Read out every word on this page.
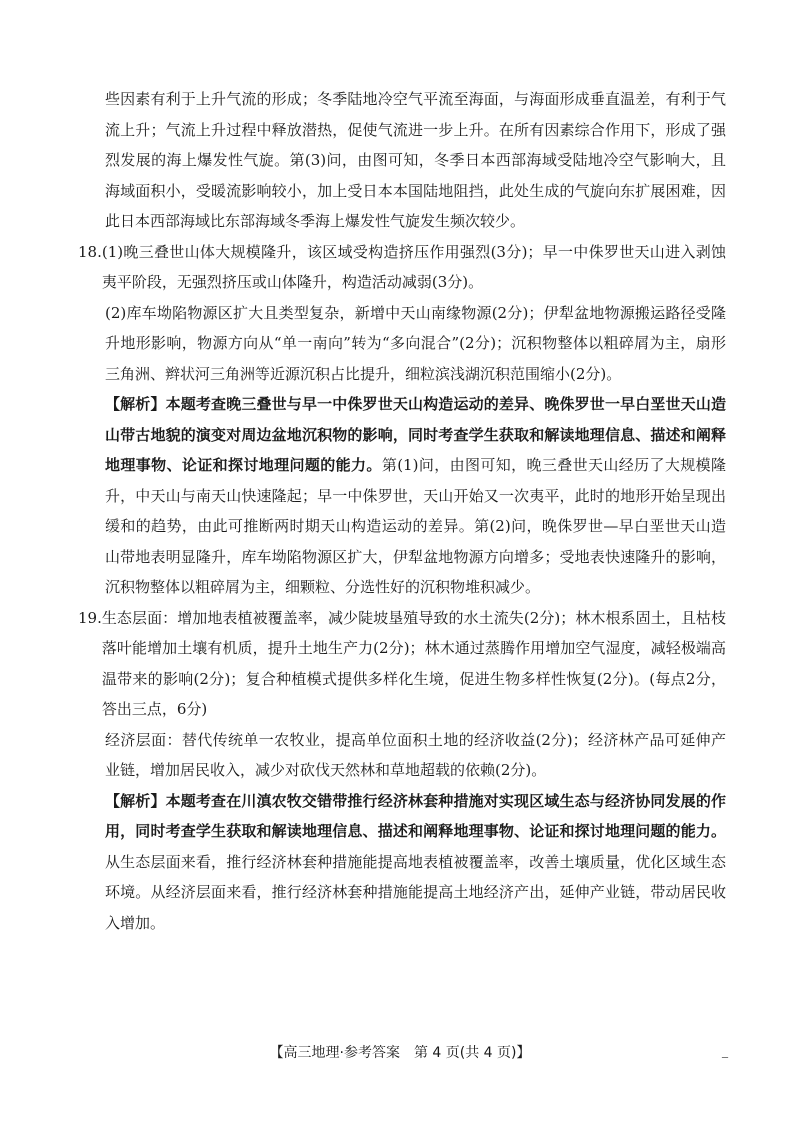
些因素有利于上升气流的形成；冬季陆地冷空气平流至海面，与海面形成垂直温差，有利于气流上升；气流上升过程中释放潜热，促使气流进一步上升。在所有因素综合作用下，形成了强烈发展的海上爆发性气旋。第(3)问，由图可知，冬季日本西部海域受陆地冷空气影响大，且海域面积小，受暖流影响较小，加上受日本本国陆地阻挡，此处生成的气旋向东扩展困难，因此日本西部海域比东部海域冬季海上爆发性气旋发生频次较少。

18. (1)晚三叠世山体大规模隆升，该区域受构造挤压作用强烈(3分)；早一中侏罗世天山进入剥蚀夷平阶段，无强烈挤压或山体隆升，构造活动减弱(3分)。

(2)库车坳陷物源区扩大且类型复杂，新增中天山南缘物源(2分)；伊犁盆地物源搬运路径受隆升地形影响，物源方向从“单一南向”转为“多向混合”(2分)；沉积物整体以粗碎屑为主，扇形三角洲、辫状河三角洲等近源沉积占比提升，细粒滨浅湖沉积范围缩小(2分)。

【解析】本题考查晚三叠世与早一中侏罗世天山构造运动的差异、晚侏罗世一早白垩世天山造山带古地貌的演变对周边盆地沉积物的影响，同时考查学生获取和解读地理信息、描述和阐释地理事物、论证和探讨地理问题的能力。第(1)问，由图可知，晚三叠世天山经历了大规模隆升，中天山与南天山快速隆起；早一中侏罗世，天山开始又一次夷平，此时的地形开始呈现出缓和的趋势，由此可推断两时期天山构造运动的差异。第(2)问，晚侏罗世—早白垩世天山造山带地表明显隆升，库车坳陷物源区扩大，伊犁盆地物源方向增多；受地表快速隆升的影响，沉积物整体以粗碎屑为主，细颗粒、分选性好的沉积物堆积减少。

19. 生态层面：增加地表植被覆盖率，减少陡坡垦殖导致的水土流失(2分)；林木根系固土，且枯枝落叶能增加土壤有机质，提升土地生产力(2分)；林木通过蒸腾作用增加空气湿度，减轻极端高温带来的影响(2分)；复合种植模式提供多样化生境，促进生物多样性恢复(2分)。(每点2分，答出三点，6分)

经济层面：替代传统单一农牧业，提高单位面积土地的经济收益(2分)；经济林产品可延伸产业链，增加居民收入，减少对砍伐天然林和草地超载的依赖(2分)。

【解析】本题考查在川滇农牧交错带推行经济林套种措施对实现区域生态与经济协同发展的作用，同时考查学生获取和解读地理信息、描述和阐释地理事物、论证和探讨地理问题的能力。从生态层面来看，推行经济林套种措施能提高地表植被覆盖率，改善土壤质量，优化区域生态环境。从经济层面来看，推行经济林套种措施能提高土地经济产出，延伸产业链，带动居民收入增加。

【高三地理·参考答案　第 4 页(共 4 页)】	_
